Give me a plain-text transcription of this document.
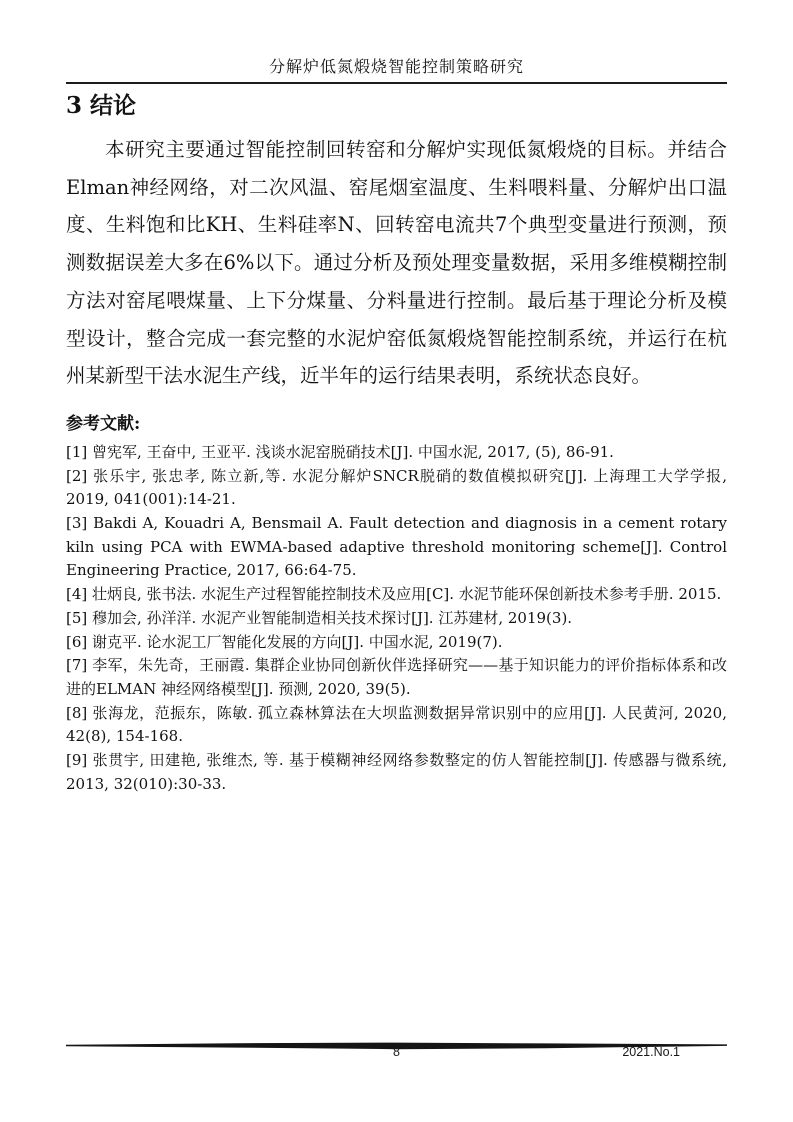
分解炉低氮煅烧智能控制策略研究
3 结论
本研究主要通过智能控制回转窑和分解炉实现低氮煅烧的目标。并结合Elman神经网络，对二次风温、窑尾烟室温度、生料喂料量、分解炉出口温度、生料饱和比KH、生料硅率N、回转窑电流共7个典型变量进行预测，预测数据误差大多在6%以下。通过分析及预处理变量数据，采用多维模糊控制方法对窑尾喂煤量、上下分煤量、分料量进行控制。最后基于理论分析及模型设计，整合完成一套完整的水泥炉窑低氮煅烧智能控制系统，并运行在杭州某新型干法水泥生产线，近半年的运行结果表明，系统状态良好。
参考文献:
[1] 曾宪军, 王奋中, 王亚平. 浅谈水泥窑脱硝技术[J]. 中国水泥, 2017, (5), 86-91.
[2] 张乐宇, 张忠孝, 陈立新,等. 水泥分解炉SNCR脱硝的数值模拟研究[J]. 上海理工大学学报, 2019, 041(001):14-21.
[3] Bakdi A, Kouadri A, Bensmail A. Fault detection and diagnosis in a cement rotary kiln using PCA with EWMA-based adaptive threshold monitoring scheme[J]. Control Engineering Practice, 2017, 66:64-75.
[4] 壮炳良, 张书法. 水泥生产过程智能控制技术及应用[C]. 水泥节能环保创新技术参考手册. 2015.
[5] 穆加会, 孙洋洋. 水泥产业智能制造相关技术探讨[J]. 江苏建材, 2019(3).
[6] 谢克平. 论水泥工厂智能化发展的方向[J]. 中国水泥, 2019(7).
[7] 李军，朱先奇，王丽霞. 集群企业协同创新伙伴选择研究——基于知识能力的评价指标体系和改进的ELMAN 神经网络模型[J]. 预测, 2020, 39(5).
[8] 张海龙，范振东，陈敏. 孤立森林算法在大坝监测数据异常识别中的应用[J]. 人民黄河, 2020, 42(8), 154-168.
[9] 张贯宇, 田建艳, 张维杰, 等. 基于模糊神经网络参数整定的仿人智能控制[J]. 传感器与微系统, 2013, 32(010):30-33.
8	2021.No.1
